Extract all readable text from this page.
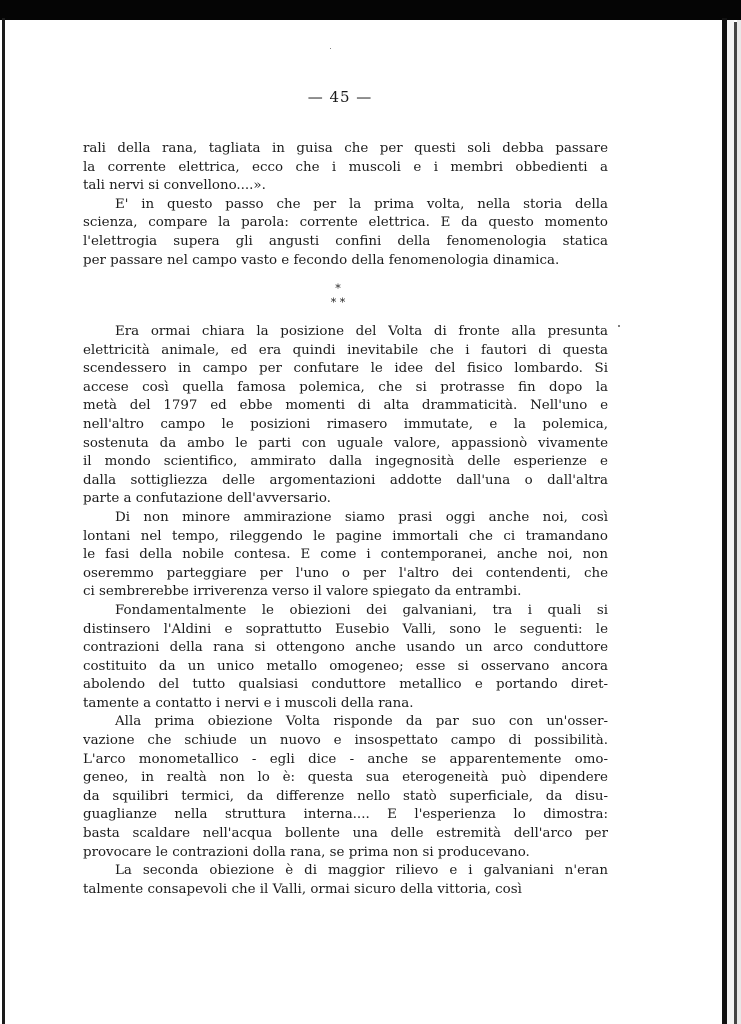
— 45 —
rali della rana, tagliata in guisa che per questi soli debba passare
la corrente elettrica, ecco che i muscoli e i membri obbedienti a
tali nervi si convellono....».
E' in questo passo che per la prima volta, nella storia della
scienza, compare la parola: corrente elettrica. E da questo momento
l'elettrogia supera gli angusti confini della fenomenologia statica
per passare nel campo vasto e fecondo della fenomenologia dinamica.
*
* *
Era ormai chiara la posizione del Volta di fronte alla presunta
elettricità animale, ed era quindi inevitabile che i fautori di questa
scendessero in campo per confutare le idee del fisico lombardo. Si
accese così quella famosa polemica, che si protrasse fin dopo la
metà del 1797 ed ebbe momenti di alta drammaticità. Nell'uno e
nell'altro campo le posizioni rimasero immutate, e la polemica,
sostenuta da ambo le parti con uguale valore, appassionò vivamente
il mondo scientifico, ammirato dalla ingegnosità delle esperienze e
dalla sottigliezza delle argomentazioni addotte dall'una o dall'altra
parte a confutazione dell'avversario.
Di non minore ammirazione siamo prasi oggi anche noi, così
lontani nel tempo, rileggendo le pagine immortali che ci tramandano
le fasi della nobile contesa. E come i contemporanei, anche noi, non
oseremmo parteggiare per l'uno o per l'altro dei contendenti, che
ci sembrerebbe irriverenza verso il valore spiegato da entrambi.
Fondamentalmente le obiezioni dei galvaniani, tra i quali si
distinsero l'Aldini e soprattutto Eusebio Valli, sono le seguenti: le
contrazioni della rana si ottengono anche usando un arco conduttore
costituito da un unico metallo omogeneo; esse si osservano ancora
abolendo del tutto qualsiasi conduttore metallico e portando diret-
tamente a contatto i nervi e i muscoli della rana.
Alla prima obiezione Volta risponde da par suo con un'osser-
vazione che schiude un nuovo e insospettato campo di possibilità.
L'arco monometallico - egli dice - anche se apparentemente omo-
geneo, in realtà non lo è: questa sua eterogeneità può dipendere
da squilibri termici, da differenze nello statò superficiale, da disu-
guaglianze nella struttura interna.... E l'esperienza lo dimostra:
basta scaldare nell'acqua bollente una delle estremità dell'arco per
provocare le contrazioni dolla rana, se prima non si producevano.
La seconda obiezione è di maggior rilievo e i galvaniani n'eran
talmente consapevoli che il Valli, ormai sicuro della vittoria, così
